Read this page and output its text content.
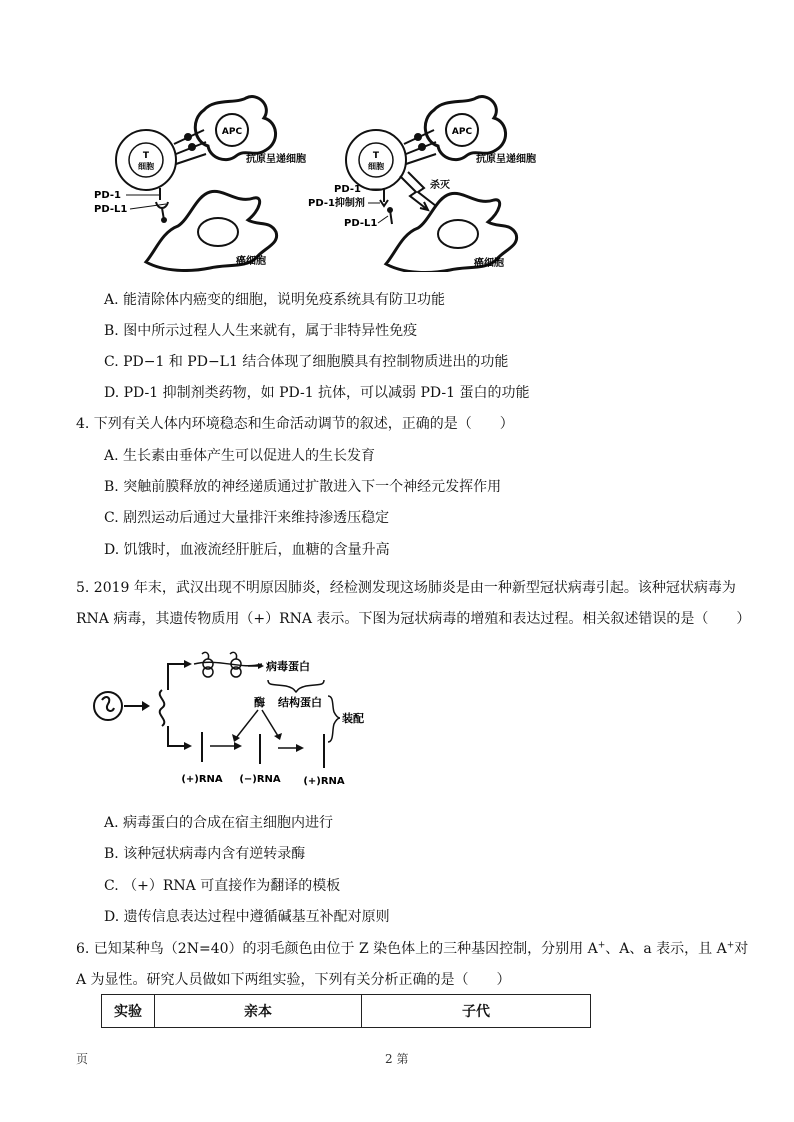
APC
抗原呈递细胞
T
细胞
PD-1
PD-L1
癌细胞
APC
抗原呈递细胞
T
细胞
PD-1
PD-1抑制剂
PD-L1
杀灭
癌细胞
A. 能清除体内癌变的细胞，说明免疫系统具有防卫功能
B. 图中所示过程人人生来就有，属于非特异性免疫
C. PD−1 和 PD−L1 结合体现了细胞膜具有控制物质进出的功能
D. PD-1 抑制剂类药物，如 PD-1 抗体，可以减弱 PD-1 蛋白的功能
4. 下列有关人体内环境稳态和生命活动调节的叙述，正确的是（　　）
A. 生长素由垂体产生可以促进人的生长发育
B. 突触前膜释放的神经递质通过扩散进入下一个神经元发挥作用
C. 剧烈运动后通过大量排汗来维持渗透压稳定
D. 饥饿时，血液流经肝脏后，血糖的含量升高
5. 2019 年末，武汉出现不明原因肺炎，经检测发现这场肺炎是由一种新型冠状病毒引起。该种冠状病毒为
RNA 病毒，其遗传物质用（+）RNA 表示。下图为冠状病毒的增殖和表达过程。相关叙述错误的是（　　）
病毒蛋白
酶 结构蛋白
装配
(+)RNA (−)RNA (+)RNA
A. 病毒蛋白的合成在宿主细胞内进行
B. 该种冠状病毒内含有逆转录酶
C. （+）RNA 可直接作为翻译的模板
D. 遗传信息表达过程中遵循碱基互补配对原则
6. 已知某种鸟（2N=40）的羽毛颜色由位于 Z 染色体上的三种基因控制，分别用 A+、A、a 表示，且 A+对
A 为显性。研究人员做如下两组实验，下列有关分析正确的是（　　）
实验	亲本	子代
页	2 第
